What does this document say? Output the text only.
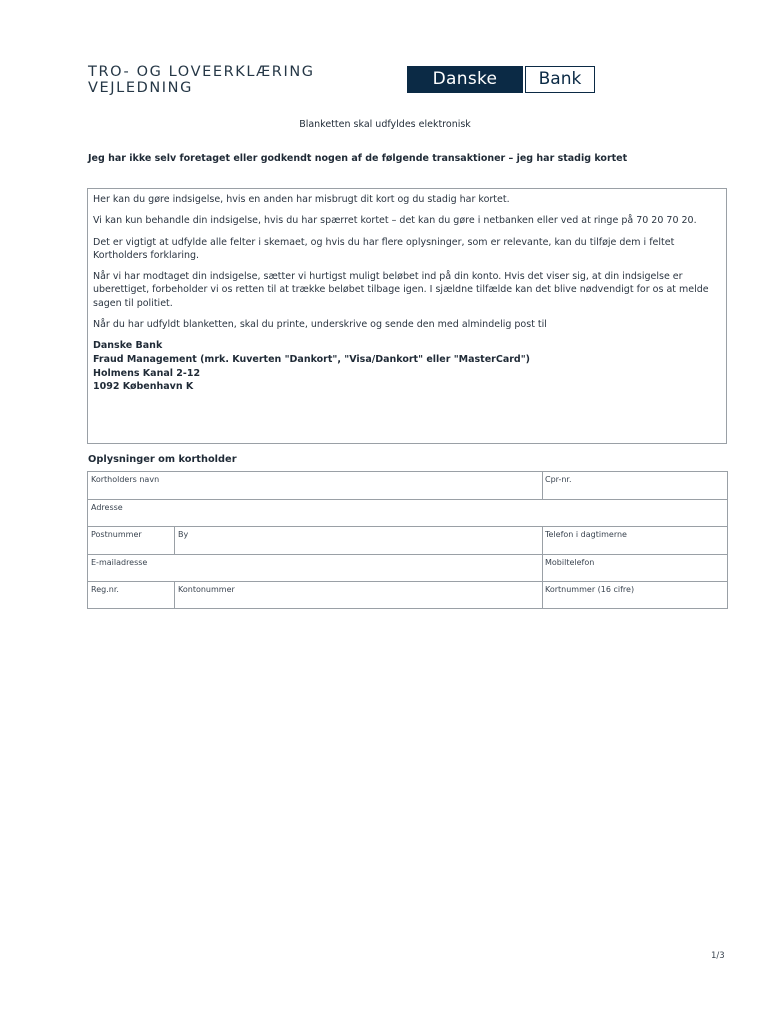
TRO- OG LOVEERKLÆRING
VEJLEDNING	Danske	Bank
Blanketten skal udfyldes elektronisk
Jeg har ikke selv foretaget eller godkendt nogen af de følgende transaktioner – jeg har stadig kortet

Her kan du gøre indsigelse, hvis en anden har misbrugt dit kort og du stadig har kortet.

Vi kan kun behandle din indsigelse, hvis du har spærret kortet – det kan du gøre i netbanken eller ved at ringe på 70 20 70 20.

Det er vigtigt at udfylde alle felter i skemaet, og hvis du har flere oplysninger, som er relevante, kan du tilføje dem i feltet Kortholders forklaring.

Når vi har modtaget din indsigelse, sætter vi hurtigst muligt beløbet ind på din konto. Hvis det viser sig, at din indsigelse er uberettiget, forbeholder vi os retten til at trække beløbet tilbage igen. I sjældne tilfælde kan det blive nødvendigt for os at melde sagen til politiet.

Når du har udfyldt blanketten, skal du printe, underskrive og sende den med almindelig post til

Danske Bank
Fraud Management (mrk. Kuverten "Dankort", "Visa/Dankort" eller "MasterCard")
Holmens Kanal 2-12
1092 København K
Oplysninger om kortholder
Kortholders navn	Cpr-nr.
Adresse
Postnummer	By	Telefon i dagtimerne
E-mailadresse	Mobiltelefon
Reg.nr.	Kontonummer	Kortnummer (16 cifre)
1/3
